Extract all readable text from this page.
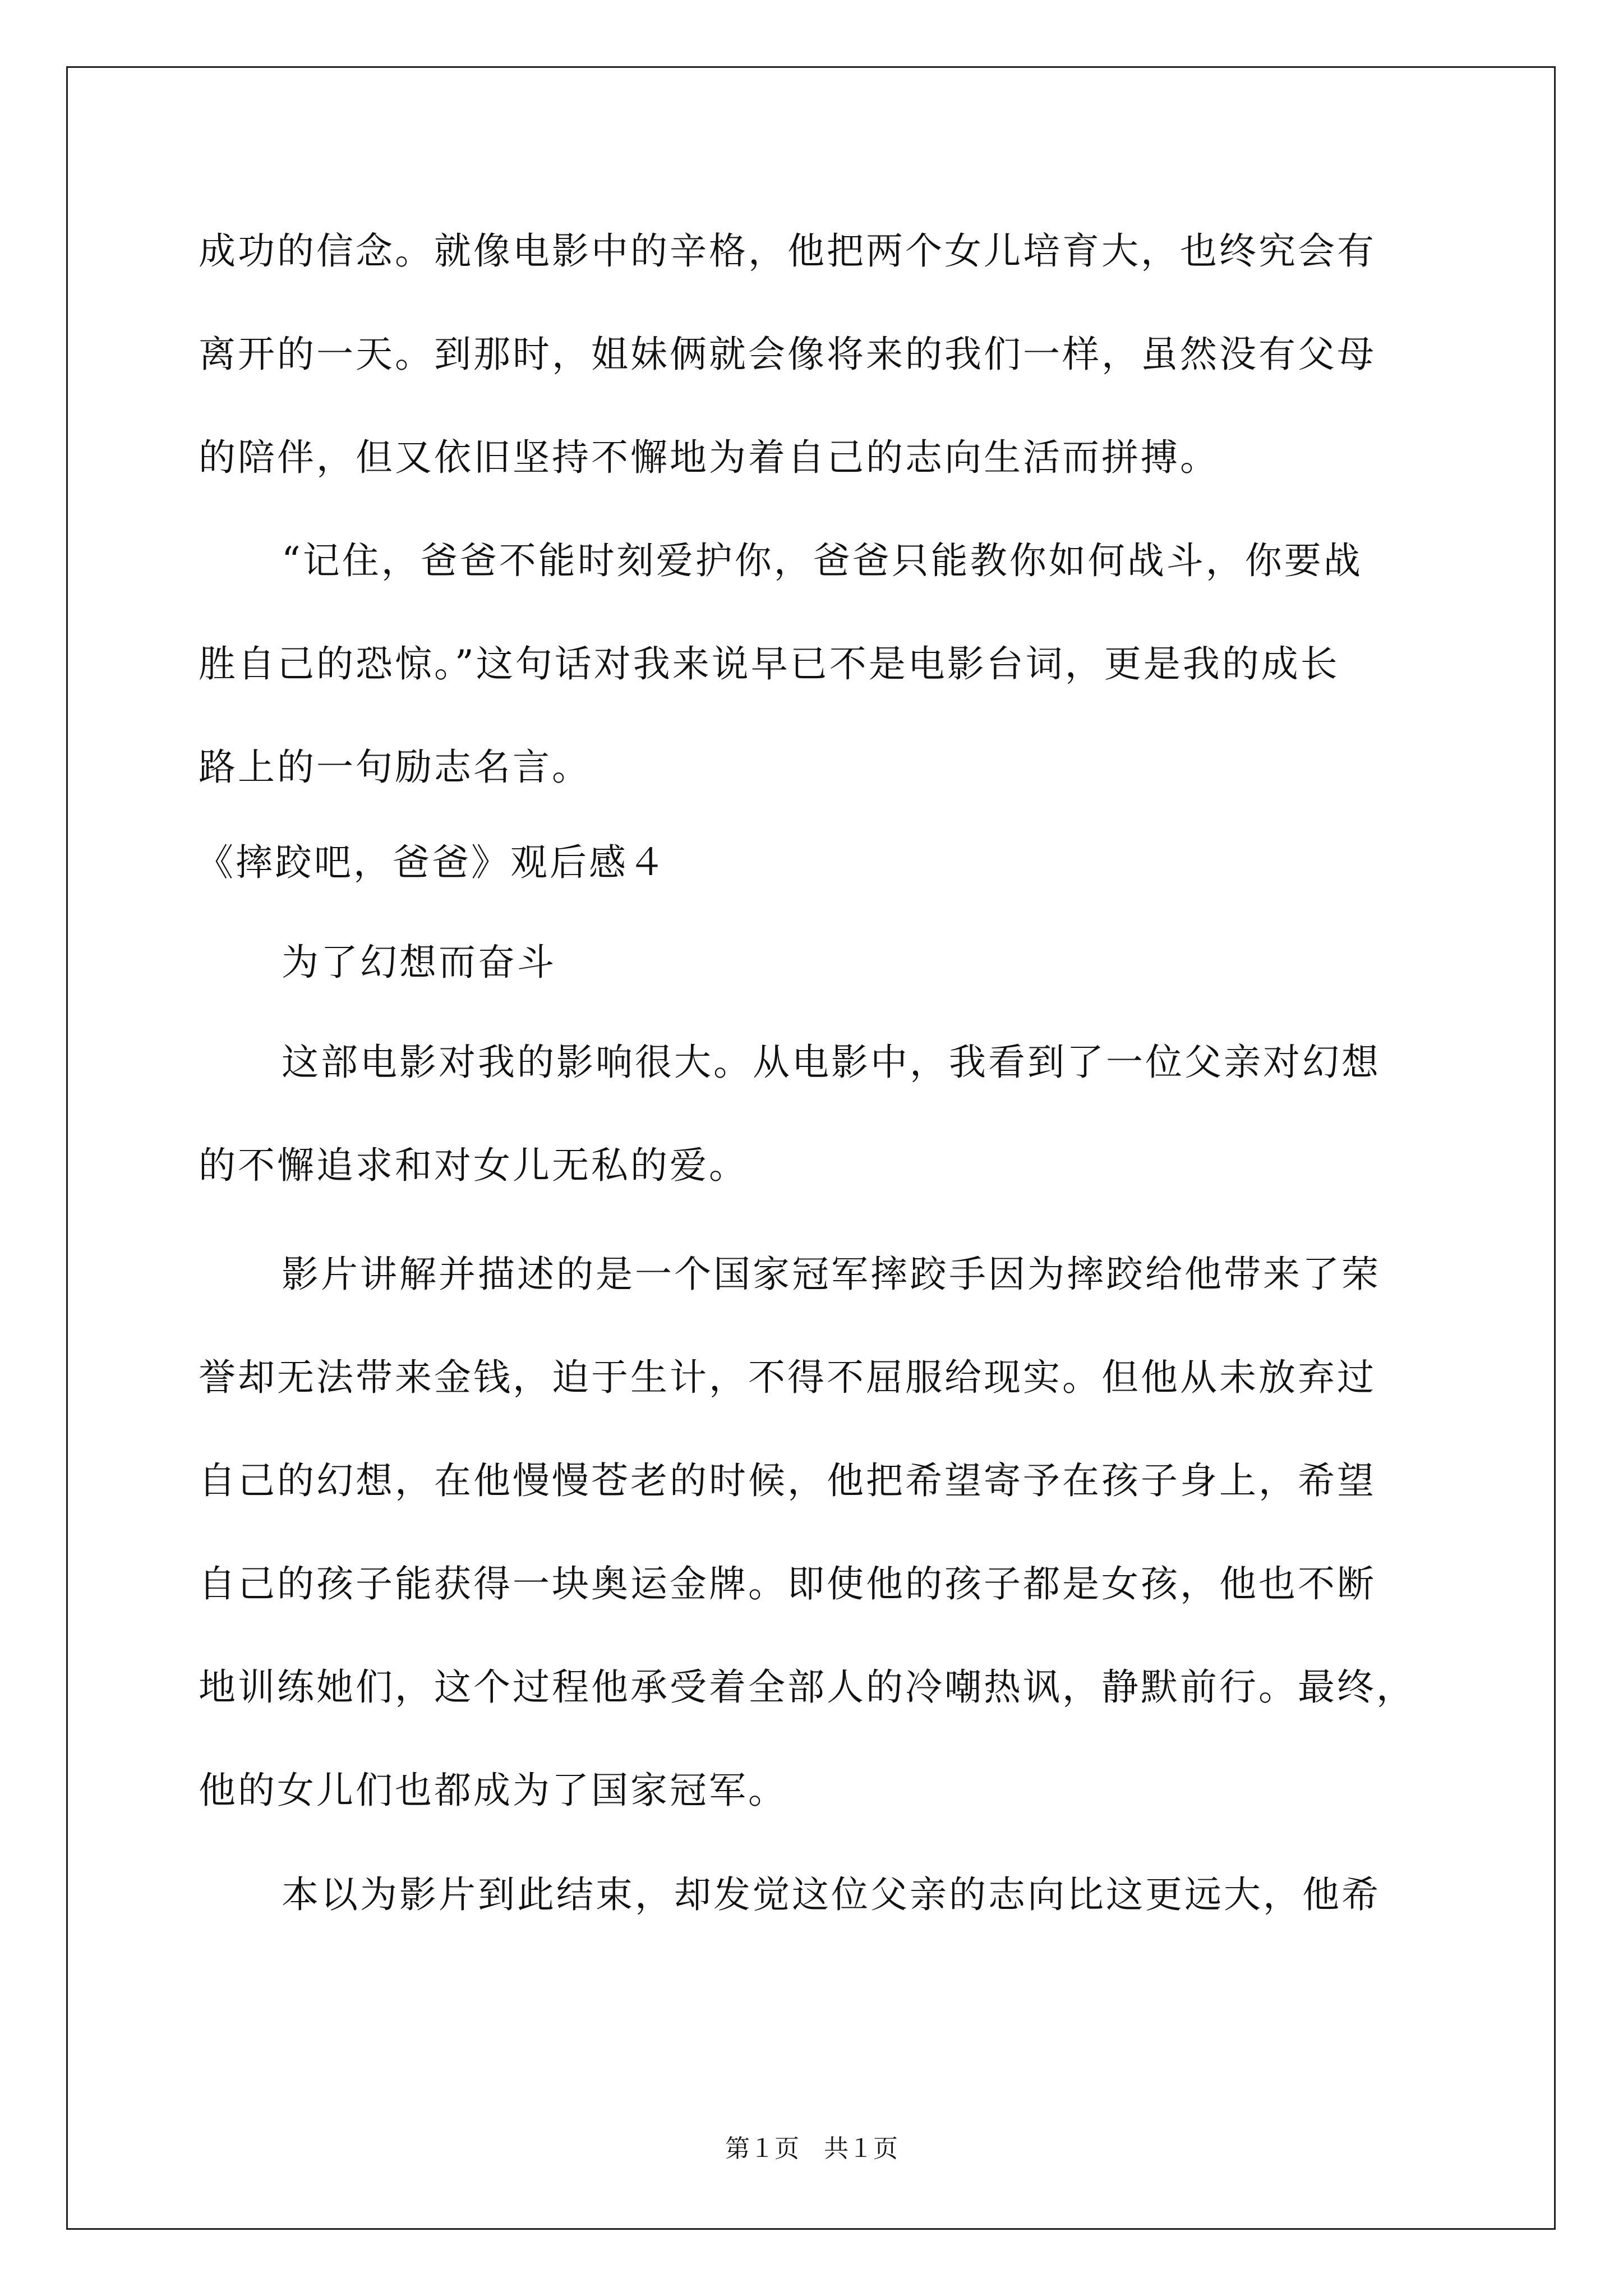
成功的信念。就像电影中的辛格，他把两个女儿培育大，也终究会有
离开的一天。到那时，姐妹俩就会像将来的我们一样，虽然没有父母
的陪伴，但又依旧坚持不懈地为着自己的志向生活而拼搏。
“记住，爸爸不能时刻爱护你，爸爸只能教你如何战斗，你要战
胜自己的恐惊。”这句话对我来说早已不是电影台词，更是我的成长
路上的一句励志名言。
《摔跤吧，爸爸》观后感４
为了幻想而奋斗
这部电影对我的影响很大。从电影中，我看到了一位父亲对幻想
的不懈追求和对女儿无私的爱。
影片讲解并描述的是一个国家冠军摔跤手因为摔跤给他带来了荣
誉却无法带来金钱，迫于生计，不得不屈服给现实。但他从未放弃过
自己的幻想，在他慢慢苍老的时候，他把希望寄予在孩子身上，希望
自己的孩子能获得一块奥运金牌。即使他的孩子都是女孩，他也不断
地训练她们，这个过程他承受着全部人的冷嘲热讽，静默前行。最终，
他的女儿们也都成为了国家冠军。
本以为影片到此结束，却发觉这位父亲的志向比这更远大，他希
第１页 共１页
